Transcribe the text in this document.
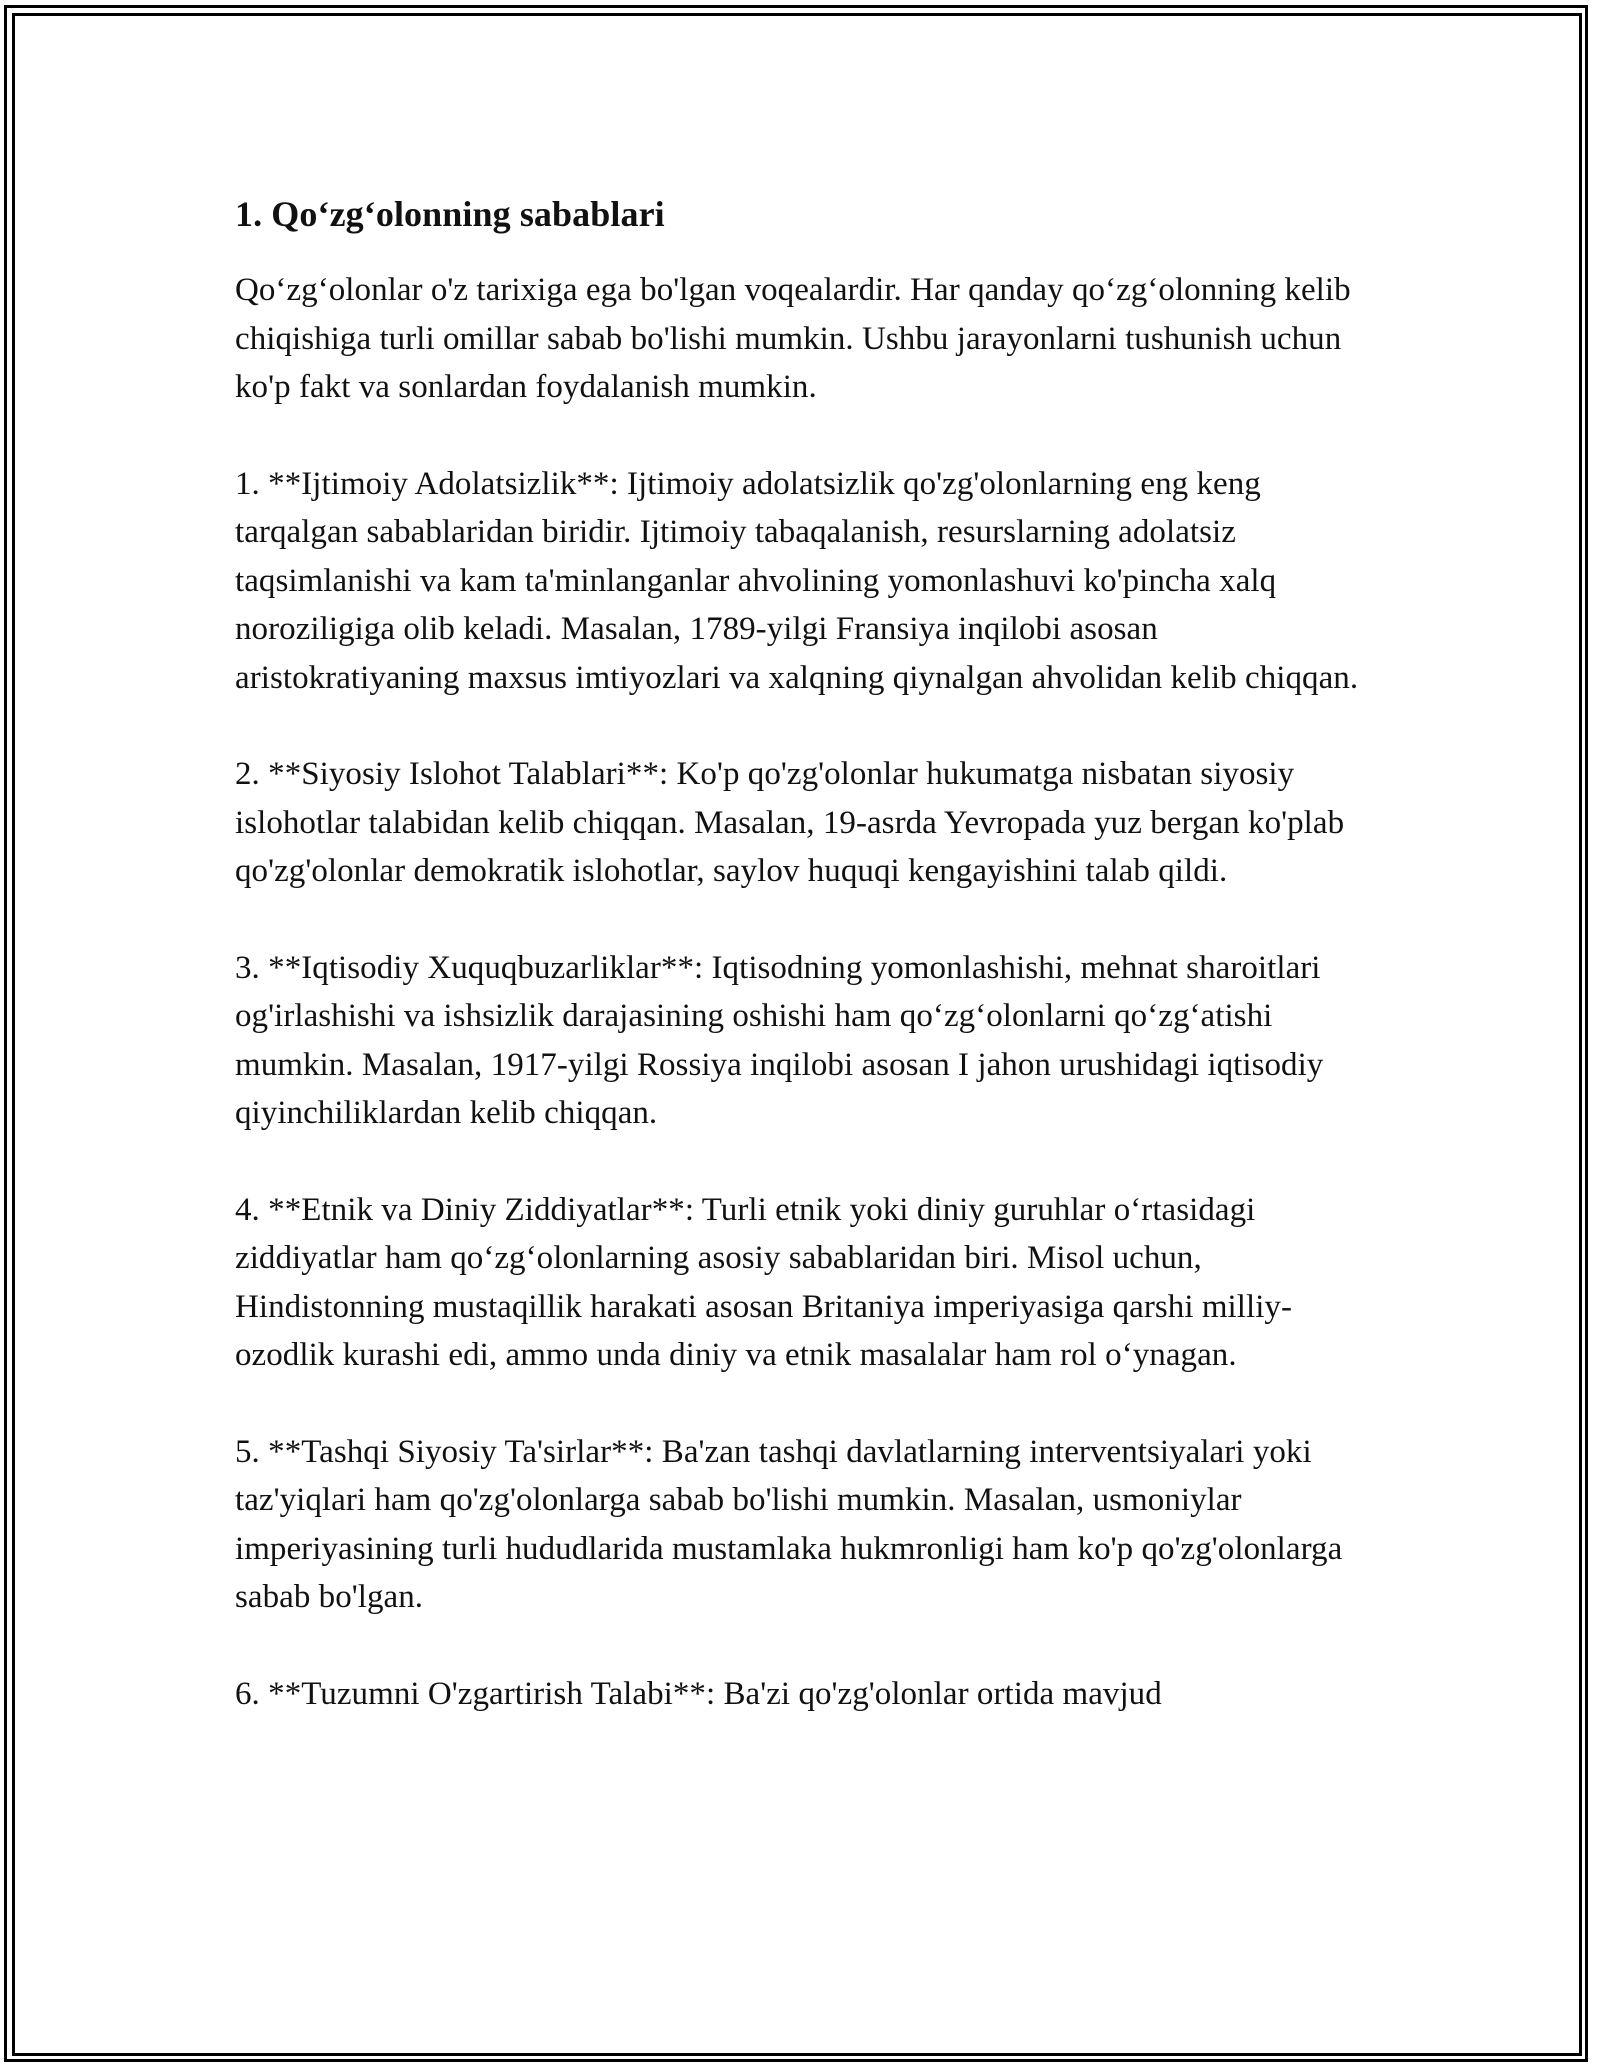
1. Qo‘zg‘olonning sabablari

Qo‘zg‘olonlar o'z tarixiga ega bo'lgan voqealardir. Har qanday qo‘zg‘olonning kelib chiqishiga turli omillar sabab bo'lishi mumkin. Ushbu jarayonlarni tushunish uchun ko'p fakt va sonlardan foydalanish mumkin.

1. **Ijtimoiy Adolatsizlik**: Ijtimoiy adolatsizlik qo'zg'olonlarning eng keng tarqalgan sabablaridan biridir. Ijtimoiy tabaqalanish, resurslarning adolatsiz taqsimlanishi va kam ta'minlanganlar ahvolining yomonlashuvi ko'pincha xalq noroziligiga olib keladi. Masalan, 1789-yilgi Fransiya inqilobi asosan aristokratiyaning maxsus imtiyozlari va xalqning qiynalgan ahvolidan kelib chiqqan.

2. **Siyosiy Islohot Talablari**: Ko'p qo'zg'olonlar hukumatga nisbatan siyosiy islohotlar talabidan kelib chiqqan. Masalan, 19-asrda Yevropada yuz bergan ko'plab qo'zg'olonlar demokratik islohotlar, saylov huquqi kengayishini talab qildi.

3. **Iqtisodiy Xuquqbuzarliklar**: Iqtisodning yomonlashishi, mehnat sharoitlari og'irlashishi va ishsizlik darajasining oshishi ham qo‘zg‘olonlarni qo‘zg‘atishi mumkin. Masalan, 1917-yilgi Rossiya inqilobi asosan I jahon urushidagi iqtisodiy qiyinchiliklardan kelib chiqqan.

4. **Etnik va Diniy Ziddiyatlar**: Turli etnik yoki diniy guruhlar o‘rtasidagi ziddiyatlar ham qo‘zg‘olonlarning asosiy sabablaridan biri. Misol uchun, Hindistonning mustaqillik harakati asosan Britaniya imperiyasiga qarshi milliy-ozodlik kurashi edi, ammo unda diniy va etnik masalalar ham rol o‘ynagan.

5. **Tashqi Siyosiy Ta'sirlar**: Ba'zan tashqi davlatlarning interventsiyalari yoki taz'yiqlari ham qo'zg'olonlarga sabab bo'lishi mumkin. Masalan, usmoniylar imperiyasining turli hududlarida mustamlaka hukmronligi ham ko'p qo'zg'olonlarga sabab bo'lgan.

6. **Tuzumni O'zgartirish Talabi**: Ba'zi qo'zg'olonlar ortida mavjud
